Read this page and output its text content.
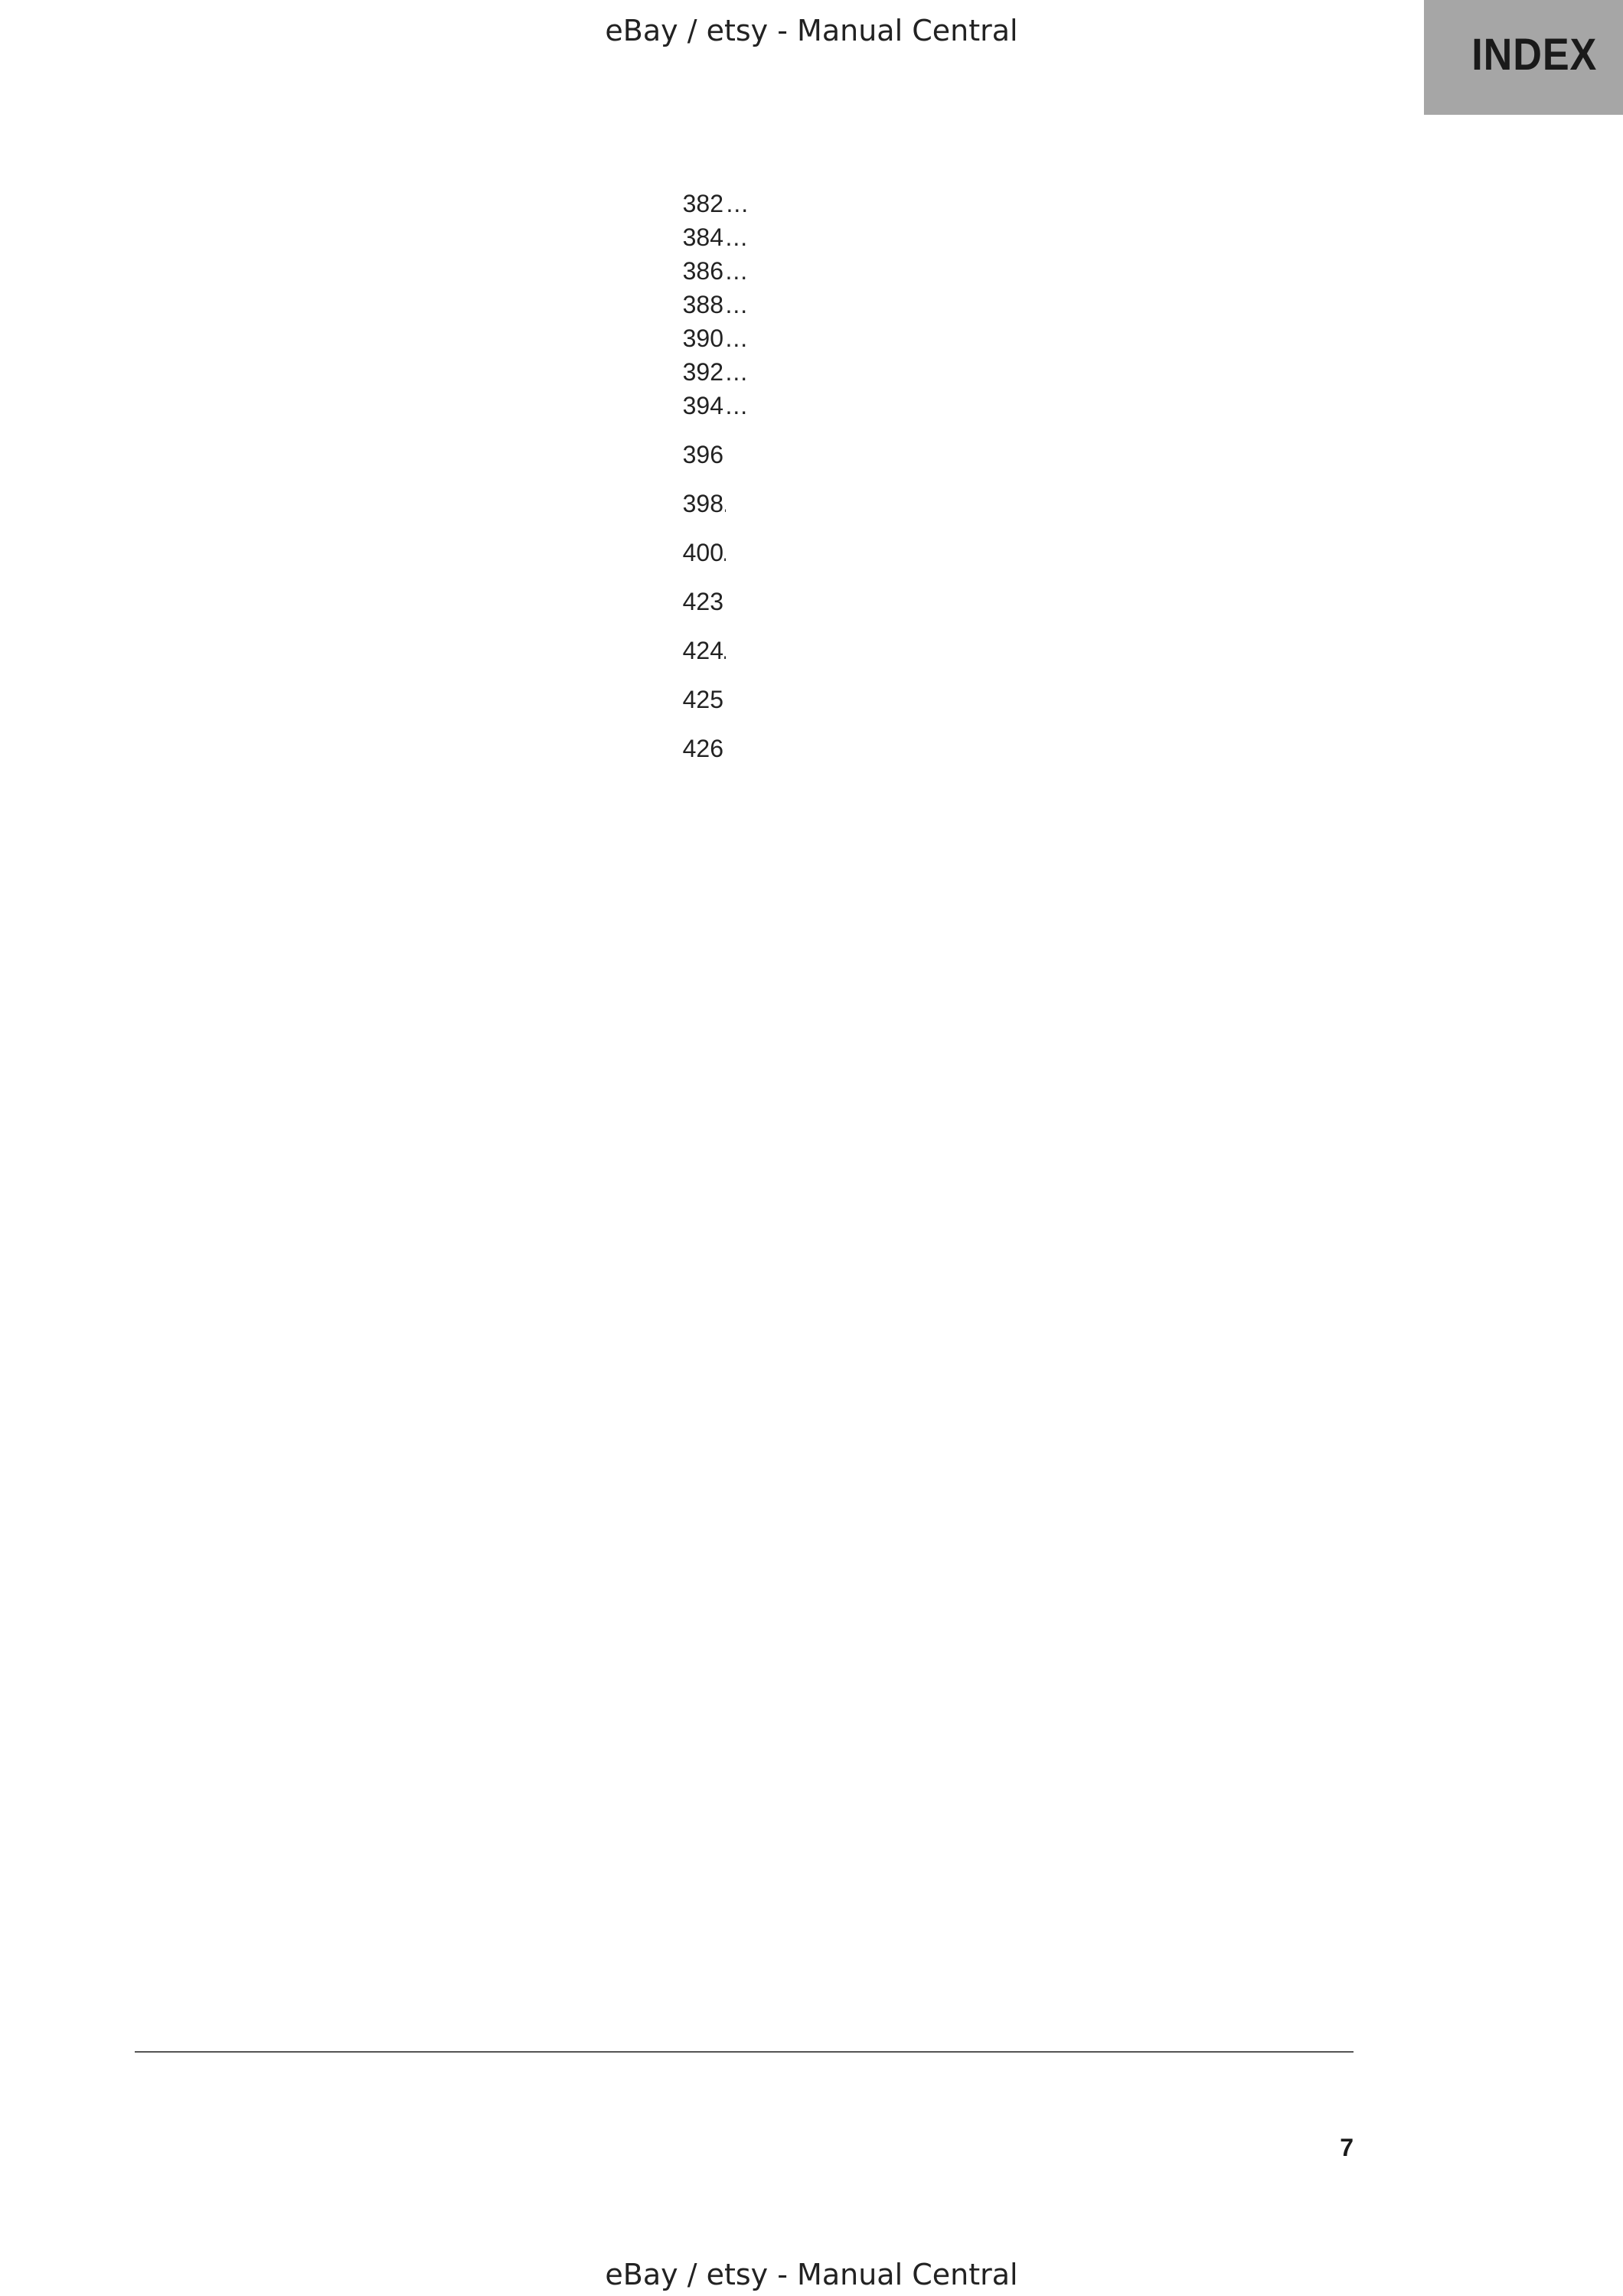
eBay / etsy - Manual Central	INDEX
.....
382
.....
384
.....
386
.....
388
.....
390
.....
392
.....
394
.....
396
.....
398
.....
400
.....
423
.....
424
.....
425
.....
426
7
eBay / etsy - Manual Central
